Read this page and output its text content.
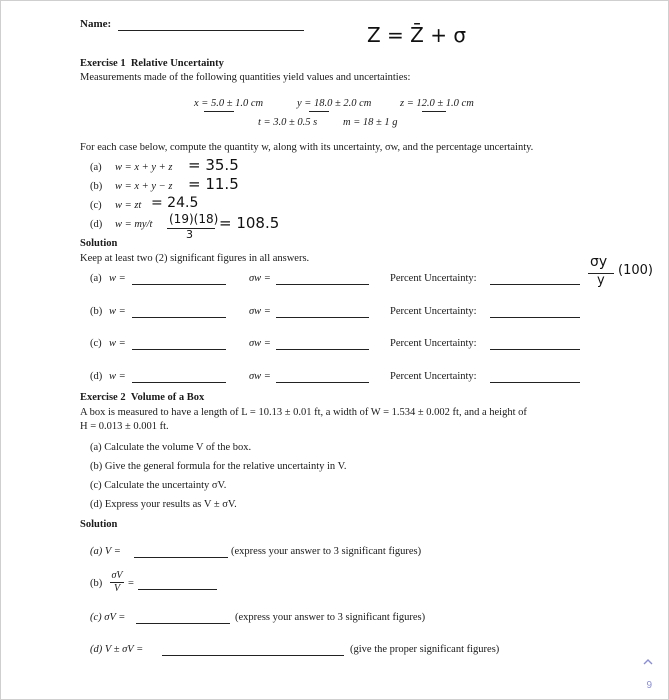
Name:	Z = Z̄ + σ
Exercise 1 Relative Uncertainty
Measurements made of the following quantities yield values and uncertainties:
x = 5.0 ± 1.0 cm	y = 18.0 ± 2.0 cm	z = 12.0 ± 1.0 cm
t = 3.0 ± 0.5 s m = 18 ± 1 g
For each case below, compute the quantity w, along with its uncertainty, σw, and the percentage uncertainty.
(a) w = x + y + z = 35.5
(b) w = x + y − z = 11.5
(c) w = zt = 24.5
(d) w = my/t (19)(18)
3
= 108.5
Solution
Keep at least two (2) significant figures in all answers.
(a) w =	σw =	Percent Uncertainty:
σy
y
(100)
(b) w =	σw =	Percent Uncertainty:
(c) w =	σw =	Percent Uncertainty:
(d) w =	σw =	Percent Uncertainty:
Exercise 2 Volume of a Box
A box is measured to have a length of L = 10.13 ± 0.01 ft, a width of W = 1.534 ± 0.002 ft, and a height of
H = 0.013 ± 0.001 ft.
(a) Calculate the volume V of the box.
(b) Give the general formula for the relative uncertainty in V.
(c) Calculate the uncertainty σV.
(d) Express your results as V ± σV.
Solution
(a) V =	(express your answer to 3 significant figures)
(b)
σV
V =
(c) σV =	(express your answer to 3 significant figures)
(d) V ± σV =	(give the proper significant figures)
9
